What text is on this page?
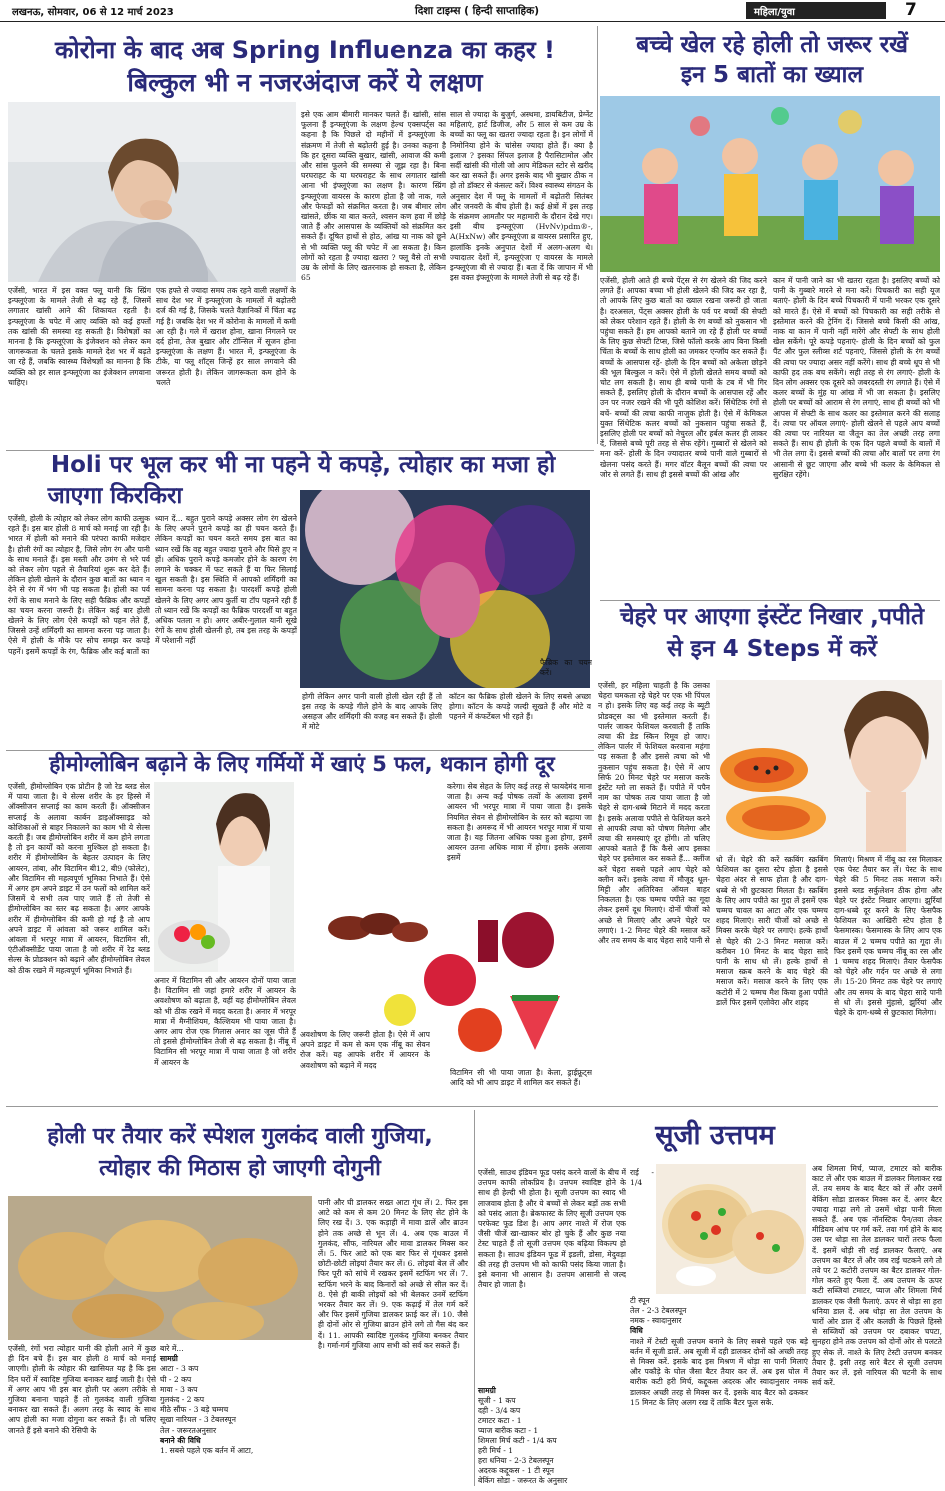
लखनऊ, सोमवार, 06 से 12 मार्च 2023	दिशा टाइम्स ( हिन्दी साप्ताहिक)	महिला/युवा	7
कोरोना के बाद अब Spring Influenza का कहर !
बिल्कुल भी न नजरअंदाज करें ये लक्षण
एजेंसी, भारत में इस वक्त फ्लू यानी कि स्प्रिंग इन्फ्लूएंजा के मामले तेजी से बढ़ रहे हैं, जिसमें लगातार खांसी आने की शिकायत रहती है। इन्फ्लूएंजा के चपेट में आए व्यक्ति को कई हफ्तों तक खांसी की समस्या रह सकती है। विशेषज्ञों का मानना है कि इन्फ्लूएंजा के इंजेक्शन को लेकर कम जागरूकता के चलते इसके मामले देश भर में बढ़ते जा रहे हैं, जबकि स्वास्थ्य विशेषज्ञों का मानना है कि व्यक्ति को हर साल इन्फ्लूएंजा का इंजेक्शन लगवाना चाहिए।
एक हफ्ते से ज्यादा समय तक रहने वाली लक्षणों के साथ देश भर में इन्फ्लूएंजा के मामलों में बढ़ोतरी दर्ज की गई है, जिसके चलते वैज्ञानिकों में चिंता बढ़ गई है। जबकि देश भर में कोरोना के मामलों में कमी आ रही है। गले में खराश होना, खाना निगलने पर दर्द होना, तेज बुखार और टॉन्सिल में सूजन होना इन्फ्लूएंजा के लक्षण हैं। भारत में, इन्फ्लूएंजा के टीके, या फ्लू शॉट्स जिन्हें हर साल लगवाने की जरूरत होती है। लेकिन जागरूकता कम होने के चलते
इसे एक आम बीमारी मानकर चलते हैं। खांसी, सांस फूलना हैं इन्फ्लूएंजा के लक्षण हेल्थ एक्सपर्ट्स का कहना है कि पिछले दो महीनों में इन्फ्लूएंजा के संक्रमण में तेजी से बढ़ोतरी हुई है। उनका कहना है कि हर दूसरा व्यक्ति बुखार, खांसी, आवाज की कमी और सांस फूलने की समस्या से जूझ रहा है। बिना घरघराहट के या घरघराहट के साथ लगातार खांसी आना भी इंफ्लूएंजा का लक्षण है। कारण स्प्रिंग इन्फ्लूएंजा वायरस के कारण होता है जो नाक, गले और फेफड़ों को संक्रमित करता है। जब बीमार लोग खांसते, छींक या बात करते, श्वसन कण हवा में छोड़े जाते हैं और आसपास के व्यक्तियों को संक्रमित कर सकते हैं। दूषित हाथों से होठ, आंख या नाक को छूने से भी व्यक्ति फ्लू की चपेट में आ सकता है। किन लोगों को रहता है ज्यादा खतरा ? फ्लू वैसे तो सभी उम्र के लोगों के लिए खतरनाक हो सकता है, लेकिन 65
साल से ज्यादा के बुजुर्ग, अस्थमा, डायबिटीज, प्रेग्नेंट महिलाएं, हार्ट डिजीज, और 5 साल से कम उम्र के बच्चों का फ्लू का खतरा ज्यादा रहता है। इन लोगों में निमोनिया होने के चांसेस ज्यादा होते हैं। क्या है इलाज ? इसका सिंपल इलाज है पैरासिटामोल और सर्दी खांसी की गोली जो आप मेडिकल स्टोर से खरीद कर खा सकते हैं। अगर इसके बाद भी बुखार ठीक न हो तो डॉक्टर से कंसल्ट करें। विश्व स्वास्थ्य संगठन के अनुसार देश में फ्लू के मामलों में बढ़ोतरी सितंबर और जनवरी के बीच होती है। कई क्षेत्रों में इस तरह के संक्रमण आमतौर पर महामारी के दौरान देखे गए। इसी बीच इन्फ्लूएंजा (HvNv)pdm®-, A(HxNw) और इन्फ्लूएंजा ब्र वायरस प्रसारित हुए, हालांकि इनके अनुपात देशों में अलग-अलग थे। ज्यादातर देशों में, इन्फ्लूएंजा ए वायरस के मामले इन्फ्लूएंजा बी से ज्यादा हैं। बता दें कि जापान में भी इस वक्त इंफ्लूएंजा के मामले तेजी से बढ़ रहे हैं।
बच्चे खेल रहे होली तो जरूर रखें
इन 5 बातों का ख्याल
एजेंसी, होली आते ही बच्चे पेंट्स से रंग खेलने की जिद करने लगते हैं। आपका बच्चा भी होली खेलने की जिद कर रहा है, तो आपके लिए कुछ बातों का ख्याल रखना जरूरी हो जाता है। दरअसल, पेंट्स अक्सर होली के पर्व पर बच्चों की सेफ्टी को लेकर परेशान रहते हैं। होली के रंग बच्चों को नुकसान भी पहुंचा सकते हैं। हम आपको बताने जा रहे हैं होली पर बच्चों के लिए कुछ सेफ्टी टिप्स, जिसे फॉलो करके आप बिना किसी चिंता के बच्चों के साथ होली का जमकर एन्जॉय कर सकते हैं। बच्चों के आसपास रहें- होली के दिन बच्चों को अकेला छोड़ने की भूल बिल्कुल न करें। ऐसे में होली खेलते समय बच्चों को चोट लग सकती है। साथ ही बच्चे पानी के टब में भी गिर सकते हैं, इसलिए होली के दौरान बच्चों के आसपास रहें और उन पर नजर रखने की भी पूरी कोशिश करें। सिंथेटिक रंगों से बचें- बच्चों की त्वचा काफी नाजुक होती है। ऐसे में केमिकल युक्त सिंथेटिक कलर बच्चों को नुकसान पहुंचा सकते हैं, इसलिए होली पर बच्चों को नेचुरल और हर्बल कलर ही लाकर दें, जिससे बच्चे पूरी तरह से सेफ रहेंगे। गुब्बारों से खेलने को मना करें- होली के दिन ज्यादातर बच्चे पानी वाले गुब्बारों से खेलना पसंद करते हैं। मगर वॉटर बैलून बच्चों की त्वचा पर जोर से लगते हैं। साथ ही इससे बच्चों की आंख और
कान में पानी जाने का भी खतरा रहता है। इसलिए बच्चों को पानी के गुब्बारे मारने से मना करें। पिचकारी का सही यूज बताएं- होली के दिन बच्चे पिचकारी में पानी भरकर एक दूसरे को मारते हैं। ऐसे में बच्चों को पिचकारी का सही तरीके से इस्तेमाल करने की ट्रेनिंग दें। जिससे बच्चे किसी की आंख, नाक या कान में पानी नहीं मारेंगे और सेफ्टी के साथ होली खेल सकेंगे। पूरे कपड़े पहनाएं- होली के दिन बच्चों को फुल पैंट और फुल स्लीव्स शर्ट पहनाएं, जिससे होली के रंग बच्चों की त्वचा पर ज्यादा असर नहीं करेंगे। साथ ही बच्चे धूप से भी काफी हद तक बच सकेंगे। सही तरह से रंग लगाएं- होली के दिन लोग अक्सर एक दूसरे को जबरदस्ती रंग लगाते हैं। ऐसे में कलर बच्चों के मुंह या आंख में भी जा सकता है। इसलिए होली पर बच्चों को आराम से रंग लगाएं, साथ ही बच्चों को भी आपस में सेफ्टी के साथ कलर का इस्तेमाल करने की सलाह दें। त्वचा पर ऑयल लगाएं- होली खेलने से पहले आप बच्चों की त्वचा पर नारियल या जैतून का तेल अच्छी तरह लगा सकते हैं। साथ ही होली के एक दिन पहले बच्चों के बालों में भी तेल लगा दें। इससे बच्चों की त्वचा और बालों पर लगा रंग आसानी से छूट जाएगा और बच्चे भी कलर के केमिकल से सुरक्षित रहेंगे।
Holi पर भूल कर भी ना पहने ये कपड़े, त्योहार का मजा हो
जाएगा किरकिरा
एजेंसी, होली के त्योहार को लेकर लोग काफी उत्सुक रहते हैं। इस बार होली 8 मार्च को मनाई जा रही है। भारत में होली को मनाने की परंपरा काफी मजेदार है। होली रंगों का त्योहार है, जिसे लोग रंग और पानी के साथ मनाते हैं। इस मस्ती और उमंग से भरे पर्व को लेकर लोग पहले से तैयारियां शुरू कर देते हैं। लेकिन होली खेलने के दौरान कुछ बातों का ध्यान न देने से रंग में भंग भी पड़ सकता है। होली का पर्व रंगों के साथ मनाने के लिए सही फैब्रिक और कपड़ों का चयन करना जरूरी है। लेकिन कई बार होली खेलने के लिए लोग ऐसे कपड़ों को पहन लेते हैं, जिससे उन्हें शर्मिंदगी का सामना करना पड़ जाता है। ऐसे में होली के मौके पर सोच समझ कर कपड़े पहनें। इसमें कपड़ों के रंग, फैब्रिक और कई बातों का
ध्यान दें... बहुत पुराने कपड़े अक्सर लोग रंग खेलने के लिए अपने पुराने कपड़े का ही चयन करते हैं। लेकिन कपड़ों का चयन करते समय इस बात का ध्यान रखें कि वह बहुत ज्यादा पुराने और घिसे हुए न हों। अधिक पुराने कपड़े कमजोर होने के कारण रंग लगाने के चक्कर में फट सकते हैं या फिर सिलाई खुल सकती है। इस स्थिति में आपको शर्मिंदगी का सामना करना पड़ सकता है। पारदर्शी कपड़े होली खेलने के लिए अगर आप कुर्ती या टॉप पहनने रही हैं तो ध्यान रखें कि कपड़ों का फैब्रिक पारदर्शी या बहुत अधिक पतला न हो। अगर अबीर-गुलाल यानी सूखे रंगों के साथ होली खेलनी हो, तब इस तरह के कपड़ों में परेशानी नहीं
फैब्रिक का चयन करें।
होगी लेकिन अगर पानी वाली होली खेल रही हैं तो इस तरह के कपड़े गीले होने के बाद आपके लिए असहज और शर्मिंदगी की वजह बन सकते हैं। होली में मोटे
कॉटन का फैब्रिक होली खेलने के लिए सबसे अच्छा होगा। कॉटन के कपड़े जल्दी सूखते हैं और मोटे व पहनने में कंफर्टेबल भी रहते हैं।
चेहरे पर आएगा इंस्टेंट निखार ,पपीते
से इन 4 Steps में करें
एजेंसी, हर महिला चाहती है कि उसका चेहरा चमकता रहे चेहरे पर एक भी पिंपल न हो। इसके लिए वह कई तरह के ब्यूटी प्रोडक्ट्स का भी इस्तेमाल करती हैं। पार्लर जाकर फेशियल करवाती हैं ताकि त्वचा की डेड स्किन रिमूव हो जाए। लेकिन पार्लर में फेशियल करवाना महंगा पड़ सकता है और इससे त्वचा को भी नुकसान पहुंच सकता है। ऐसे में आप सिर्फ 20 मिनट चेहरे पर मसाज करके इंस्टेंट ग्लो ला सकते हैं। पपीते में पपैन नाम का पोषक तत्व पाया जाता है जो चेहरे से दाग-धब्बे मिटाने में मदद करता है। इसके अलावा पपीते से फेशियल करने से आपकी त्वचा को पोषण मिलेगा और त्वचा की समस्याएं दूर होंगी। तो चलिए आपको बताते हैं कि कैसे आप इसका चेहरे पर इस्तेमाल कर सकते हैं... क्लींज करें चेहरा सबसे पहले आप चेहरे को क्लीन करें। इसके त्वचा में मौजूद धूल-मिट्टी और अतिरिक्त ऑयल बाहर निकलता है। एक चम्मच पपीते का गूदा लेकर इसमें दूध मिलाएं। दोनों चीजों को अच्छे से मिलाएं और अपने चेहरे पर लगाएं। 1-2 मिनट चेहरे की मसाज करें और तय समय के बाद चेहरा सादे पानी से
धो लें। चेहरे की करें स्क्रबिंग स्क्रबिंग फेशियल का दूसरा स्टेप होता है इससे चेहरा अंदर से साफ होता है और दाग-धब्बे से भी छुटकारा मिलता है। स्क्रबिंग के लिए आप पपीते का गुदा लें इसमें एक चम्मच चावल का आटा और एक चम्मच शहद मिलाएं। सारी चीजों को अच्छे से मिक्स करके चेहरे पर लगाएं। हल्के हाथों से चेहरे की 2-3 मिनट मसाज करें। करीबन 10 मिनट के बाद चेहरा सादे पानी के साथ धो लें। हल्के हाथों से मसाज स्क्रब करने के बाद चेहरे की मसाज करें। मसाज करने के लिए एक कटोरी में 2 चम्मच मैश किया हुआ पपीते डालें फिर इसमें एलोवेरा और शहद
मिलाएं। मिश्रण में नींबू का रस मिलाकर एक पेस्ट तैयार कर लें। पेस्ट के साथ चेहरे की 5 मिनट तक मसाज करें। इससे ब्लड सर्कुलेशन ठीक होगा और चेहरे पर इंस्टेंट निखार आएगा। झुर्रियां दाग-धब्बे दूर करने के लिए फेसपैक फेशियल का आखिरी स्टेप होता है फेसमास्क। फेसमास्क के लिए आप एक बाउल में 2 चम्मच पपीते का गूदा लें। फिर इसमें एक चम्मच नींबू का रस और 1 चम्मच शहद मिलाएं। तैयार फेसपैक को चेहरे और गर्दन पर अच्छे से लगा लें। 15-20 मिनट तक चेहरे पर लगाएं और तय समय के बाद चेहरा सादे पानी से धो लें। इससे मुंहासे, झुर्रियां और चेहरे के दाग-धब्बे से छुटकारा मिलेगा।
हीमोग्लोबिन बढ़ाने के लिए गर्मियों में खाएं 5 फल, थकान होगी दूर
एजेंसी, हीमोग्लोबिन एक प्रोटीन है जो रेड ब्लड सेल में पाया जाता है। ये सेल्स शरीर के हर हिस्से में ऑक्सीजन सप्लाई का काम करती हैं। ऑक्सीजन सप्लाई के अलावा कार्बन डाइऑक्साइड को कोशिकाओं से बाहर निकालने का काम भी ये सेल्स करती हैं। जब हीमोग्लोबिन शरीर में कम होने लगता है तो इन कार्यों को करना मुश्किल हो सकता है। शरीर में हीमोग्लोबिन के बेहतर उत्पादन के लिए आयरन, तांबा, और विटामिन बी12, बी9 (फोलेट), और विटामिन सी महत्वपूर्ण भूमिका निभाते हैं। ऐसे में अगर हम अपने डाइट में उन फलों को शामिल करें जिसमें ये सभी तत्व पाए जाते हैं तो तेजी से हीमोग्लोबिन का स्तर बढ़ सकता है। अगर आपके शरीर में हीमोग्लोबिन की कमी हो गई है तो आप अपने डाइट में आंवला को जरूर शामिल करें। आंवला में भरपूर मात्रा में आयरन, विटामिन सी, एंटीऑक्सीडेंट पाया जाता है जो शरीर में रेड ब्लड सेल्स के प्रोडक्शन को बढ़ाने और हीमोग्लोबिन लेवल को ठीक रखने में महत्वपूर्ण भूमिका निभाते हैं।
अनार में विटामिन सी और आयरन दोनों पाया जाता है। विटामिन सी जहां हमारे शरीर में आयरन के अवशोषण को बढ़ाता है, वहीं यह हीमोग्लोबिन लेवल को भी ठीक रखने में मदद करता है। अनार में भरपूर मात्रा में मैग्नीशियम, कैल्शियम भी पाया जाता है। अगर आप रोज एक गिलास अनार का जूस पीते हैं तो इससे हीमोग्लोबिन तेजी से बढ़ सकता है। नींबू में विटामिन सी भरपूर मात्रा में पाया जाता है जो शरीर में आयरन के
करेगा। सेब सेहत के लिए कई तरह से फायदेमंद माना जाता है। अन्य कई पोषक तत्वों के अलावा इसमें आयरन भी भरपूर मात्रा में पाया जाता है। इसके नियमित सेवन से हीमोग्लोबिन के स्तर को बढ़ाया जा सकता है। अमरूद में भी आयरन भरपूर मात्रा में पाया जाता है। यह जितना अधिक पका हुआ होगा, इसमें आयरन उतना अधिक मात्रा में होगा। इसके अलावा इसमें
अवशोषण के लिए जरूरी होता है। ऐसे में आप अपने डाइट में कम से कम एक नींबू का सेवन रोज करें। यह आपके शरीर में आयरन के अवशोषण को बढ़ाने में मदद
विटामिन सी भी पाया जाता है। केला, ड्राईफ्रूट्स आदि को भी आप डाइट में शामिल कर सकते हैं।
होली पर तैयार करें स्पेशल गुलकंद वाली गुजिया,
त्योहार की मिठास हो जाएगी दोगुनी
एजेंसी, रंगों भरा त्योहार यानी की होली आने में कुछ ही दिन बचे हैं। इस बार होली 8 मार्च को मनाई जाएगी। होली के त्योहार की खासियत यह है कि इस दिन घरों में स्वादिष्ट गुजिया बनाकर खाई जाती है। ऐसे में अगर आप भी इस बार होली पर अलग तरीके से गुजिया बनाना चाहते हैं तो गुलकंद वाली गुजिया बनाकर खा सकते हैं। अलग तरह के स्वाद के साथ आप होली का मजा दोगुना कर सकते हैं। तो चलिए जानते हैं इसे बनाने की रेसिपी के
बारे में...
सामग्री
आटा - 3 कप
घी - 2 कप
मावा - 3 कप
गुलकंद - 2 कप
मीठे सौंफ - 3 बड़े चम्मच
सूखा नारियल - 3 टेबलस्पून
तेल - जरूरतअनुसार
बनाने की विधि
1. सबसे पहले एक बर्तन में आटा,
पानी और घी डालकर सख्त आटा गूंथ लें। 2. फिर इस आटे को कम से कम 20 मिनट के लिए सेट होने के लिए रख दें। 3. एक कड़ाही में मावा डालें और ब्राउन होने तक अच्छे से भून लें। 4. अब एक बाउल में गुलकंद, सौंफ, नारियल और मावा डालकर मिक्स कर लें। 5. फिर आटे को एक बार फिर से गूंथकर इससे छोटी-छोटी लोइयां तैयार कर लें। 6. लोइयां बेल लें और फिर पूरी को सांचे में रखकर इसमें स्टफिंग भर लें। 7. स्टफिंग भरने के बाद किनारों को अच्छे से सील कर दें। 8. ऐसे ही बाकी लोइयों को भी बेलकर उनमें स्टफिंग भरकर तैयार कर लें। 9. एक कढ़ाई में तेल गर्म करें और फिर इसमें गुजिया डालकर फ्राई कर लें। 10. जैसे ही दोनों ओर से गुजिया ब्राउन होने लगे तो गैस बंद कर दें। 11. आपकी स्वादिष्ट गुलकंद गुजिया बनकर तैयार है। गर्मा-गर्म गुजिया आप सभी को सर्व कर सकते हैं।
सूजी उत्तपम
एजेंसी, साउथ इंडियन फूड पसंद करने वालों के बीच में उत्तपम काफी लोकप्रिय है। उत्तपम स्वादिष्ट होने के साथ ही हेल्दी भी होता है। सूजी उत्तपम का स्वाद भी लाजवाब होता है और ये बच्चों से लेकर बड़ों तक सभी को पसंद आता है। ब्रेकफास्ट के लिए सूजी उत्तपम एक परफेक्ट फूड डिश है। आप अगर नाश्ते में रोज एक जैसी चीजें खा-खाकर बोर हो चुके हैं और कुछ नया टेस्ट चाहते हैं तो सूजी उत्तपम एक बढ़िया विकल्प हो सकता है। साउथ इंडियन फूड में इडली, डोसा, मेदुवड़ा की तरह ही उत्तपम भी को काफी पसंद किया जाता है। इसे बनाना भी आसान है। उत्तपम आसानी से जल्द तैयार हो जाता है।
सामग्री
सूजी - 1 कप
दही - 3/4 कप
टमाटर कटा - 1
प्याज बारीक कटा - 1
शिमला मिर्च कटी - 1/4 कप
हरी मिर्च - 1
हरा धनिया - 2-3 टेबलस्पून
अदरक कद्दूकस - 1 टी स्पून
बेकिंग सोडा - जरूरत के अनुसार
राई - 1/4
टी स्पून
तेल - 2-3 टेबलस्पून
नमक - स्वादानुसार
विधि
नाश्ते में टेस्टी सूजी उत्तपम बनाने के लिए सबसे पहले एक बड़े बर्तन में सूजी डालें. अब सूजी में दही डालकर दोनों को अच्छी तरह से मिक्स करें. इसके बाद इस मिश्रण में थोड़ा सा पानी मिलाएं और पकौड़े के घोल जैसा बैटर तैयार कर लें. अब इस घोल में बारीक कटी हरी मिर्च, कद्दूकस अदरक और स्वादानुसार नमक डालकर अच्छी तरह से मिक्स कर दें. इसके बाद बैटर को ढककर 15 मिनट के लिए अलग रख दें ताकि बैटर फूल सके.
अब शिमला मिर्च, प्याज, टमाटर को बारीक काट लें और एक बाउल में डालकर मिलाकर रख लें. तय समय के बाद बैटर को लें और उसमें बेकिंग सोडा डालकर मिक्स कर दें. अगर बैटर ज्यादा गाढ़ा लगे तो उसमें थोड़ा पानी मिला सकते हैं. अब एक नॉनस्टिक पैन/तवा लेकर मीडियम आंच पर गर्म करें. तवा गर्म होने के बाद उस पर थोड़ा सा तेल डालकर चारों तरफ फैला दें. इसमें थोड़ी सी राई डालकर फैलाएं. अब उत्तपम का बैटर लें और जब राई चटकने लगे तो तवे पर 2 कटोरी उत्तपम का बैटर डालकर गोल-गोल करते हुए फैला दें. अब उत्तपम के ऊपर कटी सब्जियां टमाटर, प्याज और शिमला मिर्च डालकर एक जैसी फैलाएं. ऊपर से थोड़ा सा हरा धनिया डाल दें. अब थोड़ा सा तेल उत्तपम के चारों ओर डाल दें और कलछी के पिछले हिस्से से सब्जियों को उत्तपम पर दबाकर चपटा, सुनहरा होने तक उत्तपम को दोनों ओर से पलटते हुए सेक लें. नाश्ते के लिए टेस्टी उत्तपम बनकर तैयार है. इसी तरह सारे बैटर से सूजी उत्तपम तैयार कर लें. इसे नारियल की चटनी के साथ सर्व करें.
